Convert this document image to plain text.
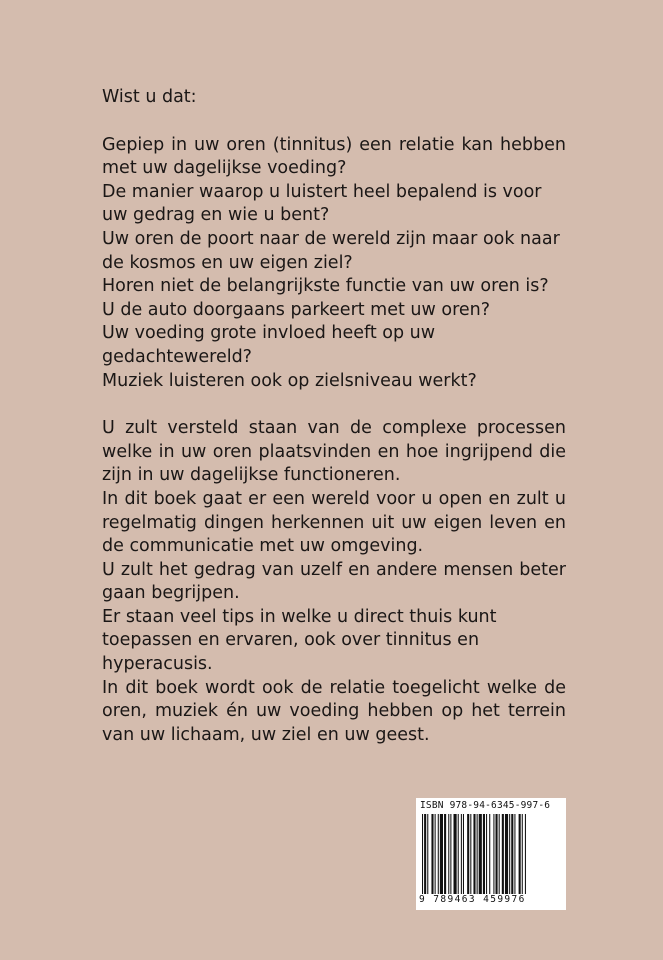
Wist u dat:

Gepiep in uw oren (tinnitus) een relatie kan hebben met uw dagelijkse voeding?

De manier waarop u luistert heel bepalend is voor uw gedrag en wie u bent?

Uw oren de poort naar de wereld zijn maar ook naar de kosmos en uw eigen ziel?

Horen niet de belangrijkste functie van uw oren is?

U de auto doorgaans parkeert met uw oren?

Uw voeding grote invloed heeft op uw gedachtewereld?

Muziek luisteren ook op zielsniveau werkt?

U zult versteld staan van de complexe processen welke in uw oren plaatsvinden en hoe ingrijpend die zijn in uw dagelijkse functioneren.

In dit boek gaat er een wereld voor u open en zult u regelmatig dingen herkennen uit uw eigen leven en de communicatie met uw omgeving.

U zult het gedrag van uzelf en andere mensen beter gaan begrijpen.

Er staan veel tips in welke u direct thuis kunt toepassen en ervaren, ook over tinnitus en hyperacusis.

In dit boek wordt ook de relatie toegelicht welke de oren, muziek én uw voeding hebben op het terrein van uw lichaam, uw ziel en uw geest.

ISBN 978-94-6345-997-6
9 789463 459976
